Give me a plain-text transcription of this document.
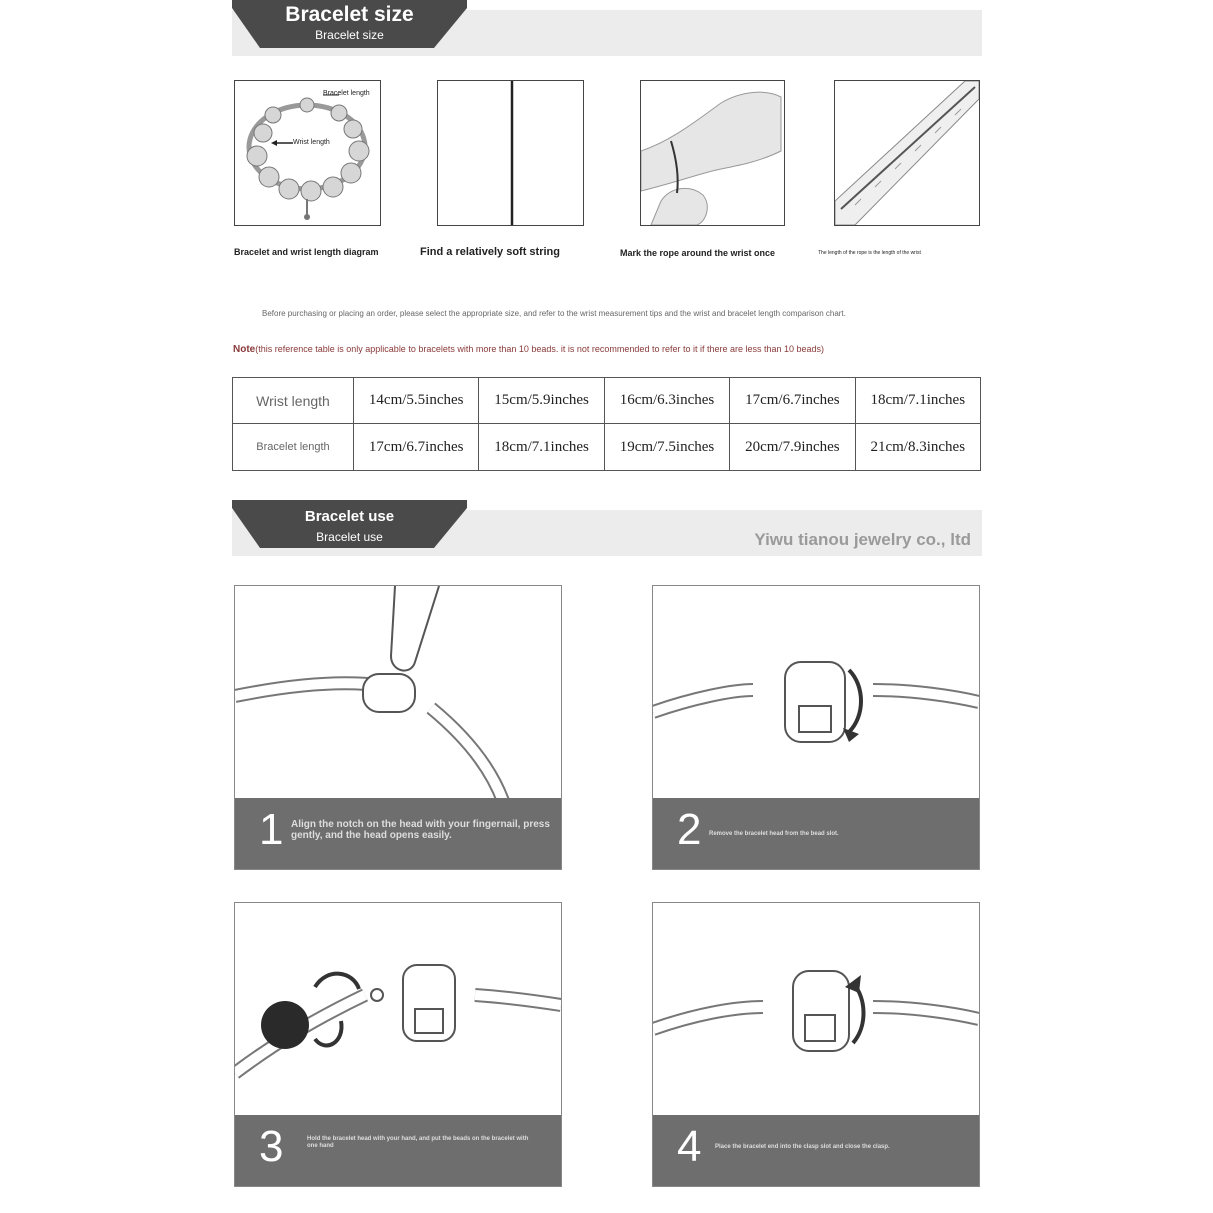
Bracelet size
Bracelet size
Bracelet length
Wrist length
Bracelet and wrist length diagram	Find a relatively soft string	Mark the rope around the wrist once	The length of the rope is the length of the wrist
Before purchasing or placing an order, please select the appropriate size, and refer to the wrist measurement tips and the wrist and bracelet length comparison chart.
Note(this reference table is only applicable to bracelets with more than 10 beads. it is not recommended to refer to it if there are less than 10 beads)
Wrist length	14cm/5.5inches	15cm/5.9inches	16cm/6.3inches	17cm/6.7inches	18cm/7.1inches
Bracelet length	17cm/6.7inches	18cm/7.1inches	19cm/7.5inches	20cm/7.9inches	21cm/8.3inches
Bracelet use
Bracelet use	Yiwu tianou jewelry co., ltd
1 Align the notch on the head with your fingernail, press gently, and the head opens easily.	2 Remove the bracelet head from the bead slot.
3	Hold the bracelet head with your hand, and put the beads on the bracelet with one hand	4 Place the bracelet end into the clasp slot and close the clasp.
